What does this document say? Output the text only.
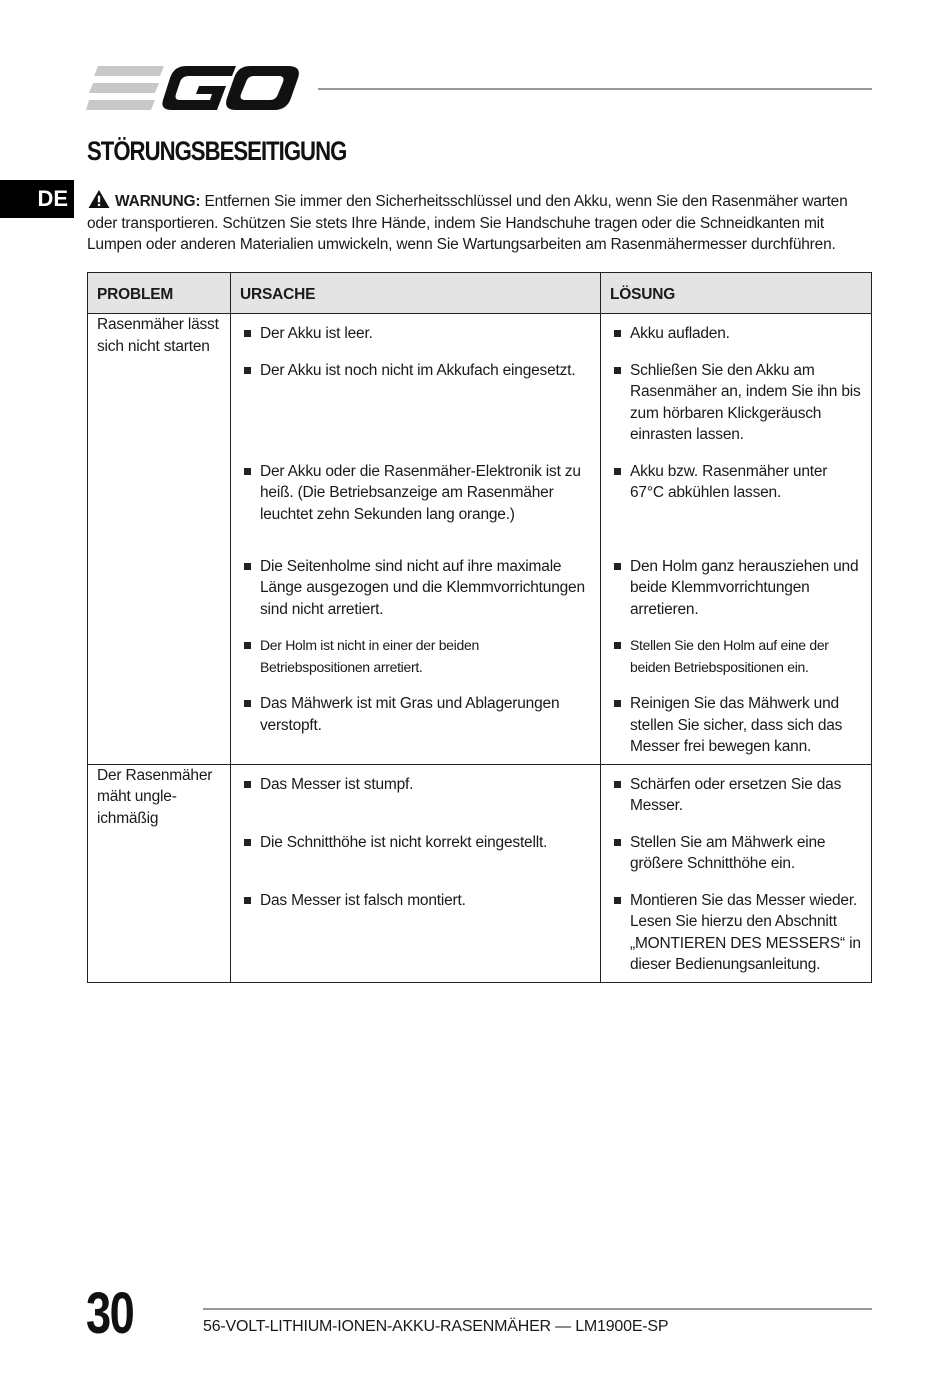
STÖRUNGSBESEITIGUNG
DE	WARNUNG: Entfernen Sie immer den Sicherheitsschlüssel und den Akku, wenn Sie den Rasenmäher warten oder transportieren. Schützen Sie stets Ihre Hände, indem Sie Handschuhe tragen oder die Schneidkanten mit Lumpen oder anderen Materialien umwickeln, wenn Sie Wartungsarbeiten am Rasenmähermesser durchführen.

PROBLEM	URSACHE	LÖSUNG
Rasenmäher lässt sich nicht starten	Der Akku ist leer.	Akku aufladen.

	Der Akku ist noch nicht im Akkufach eingesetzt.	Schließen Sie den Akku am Rasenmäher an, indem Sie ihn bis zum hörbaren Klickgeräusch einrasten lassen.

	Der Akku oder die Rasenmäher-Elektronik ist zu heiß. (Die Betriebsanzeige am Rasenmäher leuchtet zehn Sekunden lang orange.)	Akku bzw. Rasenmäher unter 67°C abkühlen lassen.

	Die Seitenholme sind nicht auf ihre maximale Länge ausgezogen und die Klemmvorrichtungen sind nicht arretiert.	Den Holm ganz herausziehen und beide Klemmvorrichtungen arretieren.

	Der Holm ist nicht in einer der beiden Betriebspositionen arretiert.	Stellen Sie den Holm auf eine der beiden Betriebspositionen ein.

	Das Mähwerk ist mit Gras und Ablagerungen verstopft.	Reinigen Sie das Mähwerk und stellen Sie sicher, dass sich das Messer frei bewegen kann.

Der Rasenmäher mäht ungle-ichmäßig	Das Messer ist stumpf.	Schärfen oder ersetzen Sie das Messer.

	Die Schnitthöhe ist nicht korrekt eingestellt.	Stellen Sie am Mähwerk eine größere Schnitthöhe ein.

	Das Messer ist falsch montiert.	Montieren Sie das Messer wieder. Lesen Sie hierzu den Abschnitt „MONTIEREN DES MESSERS“ in dieser Bedienungsanleitung.
30	56-VOLT-LITHIUM-IONEN-AKKU-RASENMÄHER — LM1900E-SP
